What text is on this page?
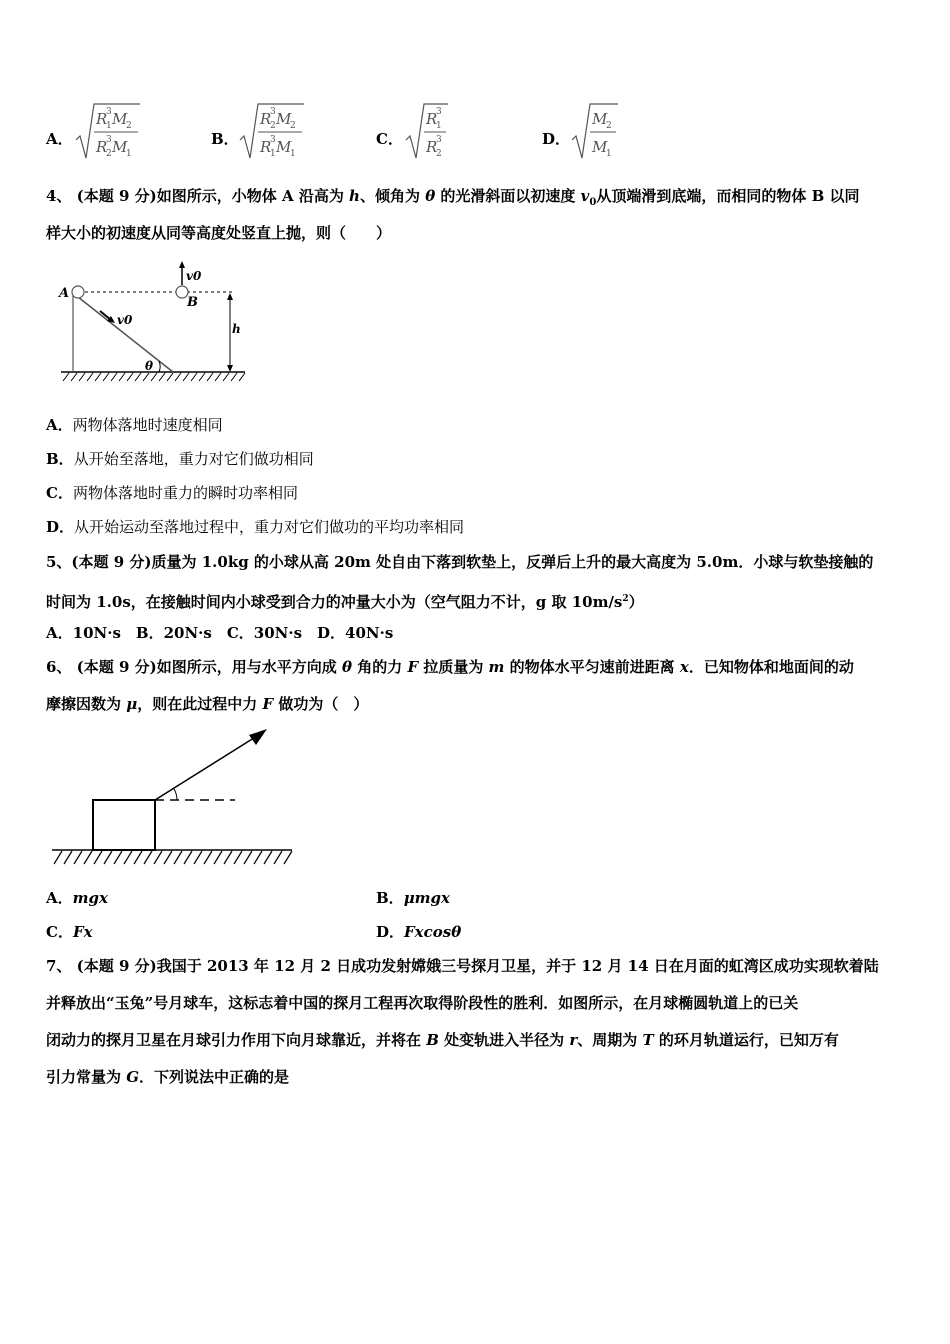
A．
R
1
3 M
2
R
2
3 M
1
B．
R
2
3 M
2
R
1
3 M
1
C．
R
1
3
R
2
3	D．
M
2
M
1
4、 (本题 9 分)如图所示，小物体 A 沿高为 h、倾角为 θ 的光滑斜面以初速度 $v_0$从顶端滑到底端，而相同的物体 B 以同
样大小的初速度从同等高度处竖直上抛，则（　　）
θ
A
v0
B
v0
h
A．两物体落地时速度相同
B．从开始至落地，重力对它们做功相同
C．两物体落地时重力的瞬时功率相同
D．从开始运动至落地过程中，重力对它们做功的平均功率相同
5、(本题 9 分)质量为 1.0kg 的小球从高 20m 处自由下落到软垫上，反弹后上升的最大高度为 5.0m．小球与软垫接触的
时间为 1.0s，在接触时间内小球受到合力的冲量大小为（空气阻力不计，g 取 $10m/s^2$）
A．10N·s　B．20N·s　C．30N·s　D．40N·s
6、 (本题 9 分)如图所示，用与水平方向成 θ 角的力 F 拉质量为 m 的物体水平匀速前进距离 x．已知物体和地面间的动
摩擦因数为 μ，则在此过程中力 F 做功为（　）
A．mgx	B．μmgx
C．Fx	D．Fxcosθ
7、 (本题 9 分)我国于 2013 年 12 月 2 日成功发射嫦娥三号探月卫星，并于 12 月 14 日在月面的虹湾区成功实现软着陆
并释放出“玉兔”号月球车，这标志着中国的探月工程再次取得阶段性的胜利．如图所示，在月球椭圆轨道上的已关
闭动力的探月卫星在月球引力作用下向月球靠近，并将在 B 处变轨进入半径为 r、周期为 T 的环月轨道运行，已知万有
引力常量为 G．下列说法中正确的是
